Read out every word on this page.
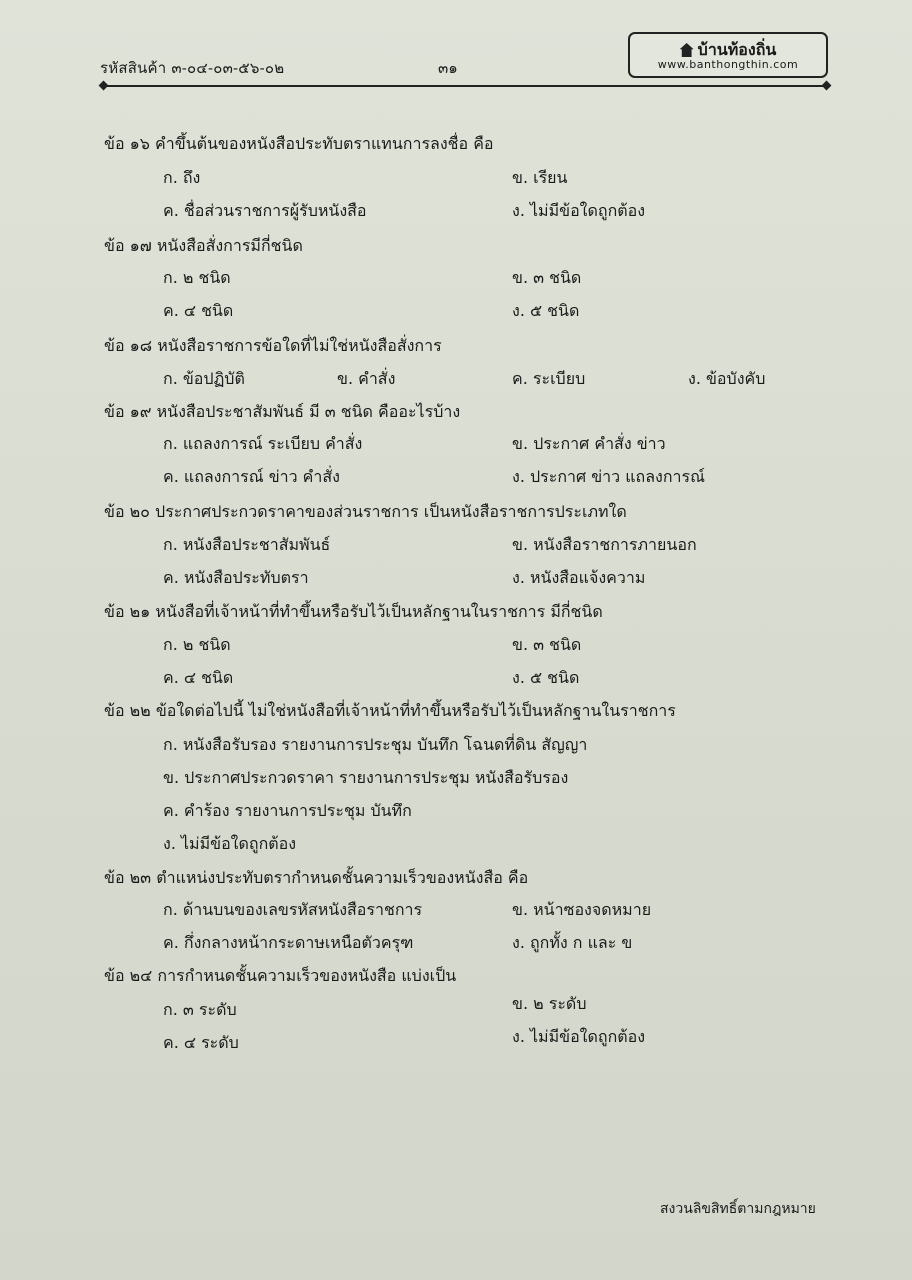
รหัสสินค้า ๓-๐๔-๐๓-๕๖-๐๒	๓๑
บ้านท้องถิ่น
www.banthongthin.com
ข้อ ๑๖ คำขึ้นต้นของหนังสือประทับตราแทนการลงชื่อ คือ
ก. ถึง	ข. เรียน
ค. ชื่อส่วนราชการผู้รับหนังสือ	ง. ไม่มีข้อใดถูกต้อง
ข้อ ๑๗ หนังสือสั่งการมีกี่ชนิด
ก. ๒ ชนิด	ข. ๓ ชนิด
ค. ๔ ชนิด	ง. ๕ ชนิด
ข้อ ๑๘ หนังสือราชการข้อใดที่ไม่ใช่หนังสือสั่งการ
ก. ข้อปฏิบัติ	ข. คำสั่ง	ค. ระเบียบ	ง. ข้อบังคับ
ข้อ ๑๙ หนังสือประชาสัมพันธ์ มี ๓ ชนิด คืออะไรบ้าง
ก. แถลงการณ์ ระเบียบ คำสั่ง	ข. ประกาศ คำสั่ง ข่าว
ค. แถลงการณ์ ข่าว คำสั่ง	ง. ประกาศ ข่าว แถลงการณ์
ข้อ ๒๐ ประกาศประกวดราคาของส่วนราชการ เป็นหนังสือราชการประเภทใด
ก. หนังสือประชาสัมพันธ์	ข. หนังสือราชการภายนอก
ค. หนังสือประทับตรา	ง. หนังสือแจ้งความ
ข้อ ๒๑ หนังสือที่เจ้าหน้าที่ทำขึ้นหรือรับไว้เป็นหลักฐานในราชการ มีกี่ชนิด
ก. ๒ ชนิด	ข. ๓ ชนิด
ค. ๔ ชนิด	ง. ๕ ชนิด
ข้อ ๒๒ ข้อใดต่อไปนี้ ไม่ใช่หนังสือที่เจ้าหน้าที่ทำขึ้นหรือรับไว้เป็นหลักฐานในราชการ
ก. หนังสือรับรอง รายงานการประชุม บันทึก โฉนดที่ดิน สัญญา
ข. ประกาศประกวดราคา รายงานการประชุม หนังสือรับรอง
ค. คำร้อง รายงานการประชุม บันทึก
ง. ไม่มีข้อใดถูกต้อง
ข้อ ๒๓ ตำแหน่งประทับตรากำหนดชั้นความเร็วของหนังสือ คือ
ก. ด้านบนของเลขรหัสหนังสือราชการ	ข. หน้าซองจดหมาย
ค. กึ่งกลางหน้ากระดาษเหนือตัวครุฑ	ง. ถูกทั้ง ก และ ข
ข้อ ๒๔ การกำหนดชั้นความเร็วของหนังสือ แบ่งเป็น
ก. ๓ ระดับ	ข. ๒ ระดับ
ค. ๔ ระดับ	ง. ไม่มีข้อใดถูกต้อง
สงวนลิขสิทธิ์ตามกฎหมาย
